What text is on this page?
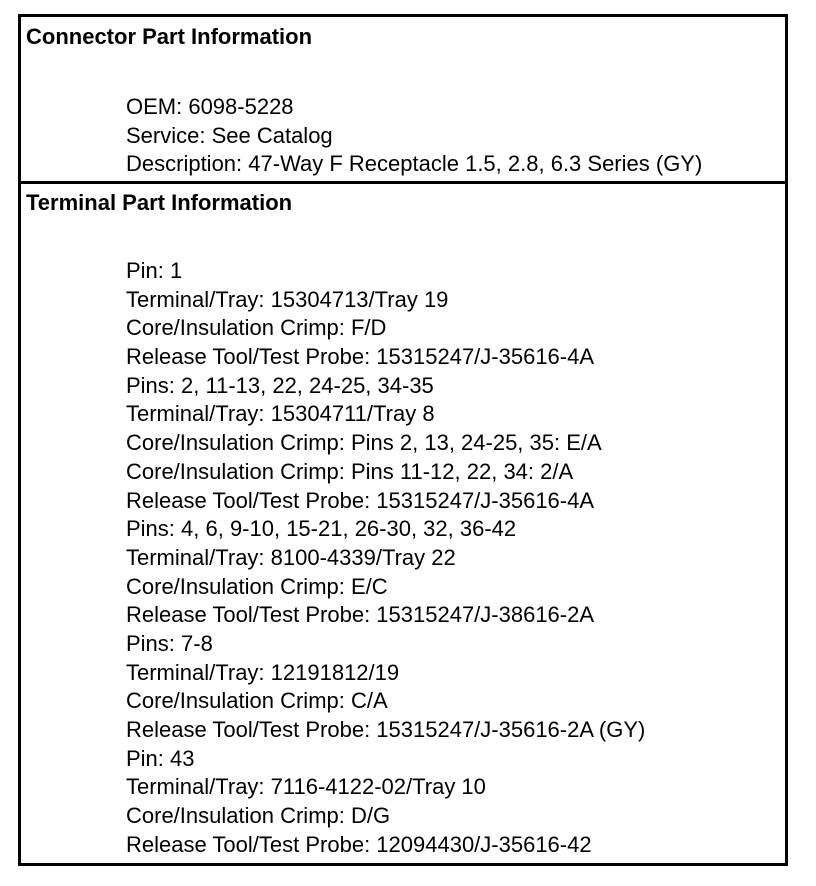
Connector Part Information
OEM: 6098-5228
Service: See Catalog
Description: 47-Way F Receptacle 1.5, 2.8, 6.3 Series (GY)
Terminal Part Information
Pin: 1
Terminal/Tray: 15304713/Tray 19
Core/Insulation Crimp: F/D
Release Tool/Test Probe: 15315247/J-35616-4A
Pins: 2, 11-13, 22, 24-25, 34-35
Terminal/Tray: 15304711/Tray 8
Core/Insulation Crimp: Pins 2, 13, 24-25, 35: E/A
Core/Insulation Crimp: Pins 11-12, 22, 34: 2/A
Release Tool/Test Probe: 15315247/J-35616-4A
Pins: 4, 6, 9-10, 15-21, 26-30, 32, 36-42
Terminal/Tray: 8100-4339/Tray 22
Core/Insulation Crimp: E/C
Release Tool/Test Probe: 15315247/J-38616-2A
Pins: 7-8
Terminal/Tray: 12191812/19
Core/Insulation Crimp: C/A
Release Tool/Test Probe: 15315247/J-35616-2A (GY)
Pin: 43
Terminal/Tray: 7116-4122-02/Tray 10
Core/Insulation Crimp: D/G
Release Tool/Test Probe: 12094430/J-35616-42
